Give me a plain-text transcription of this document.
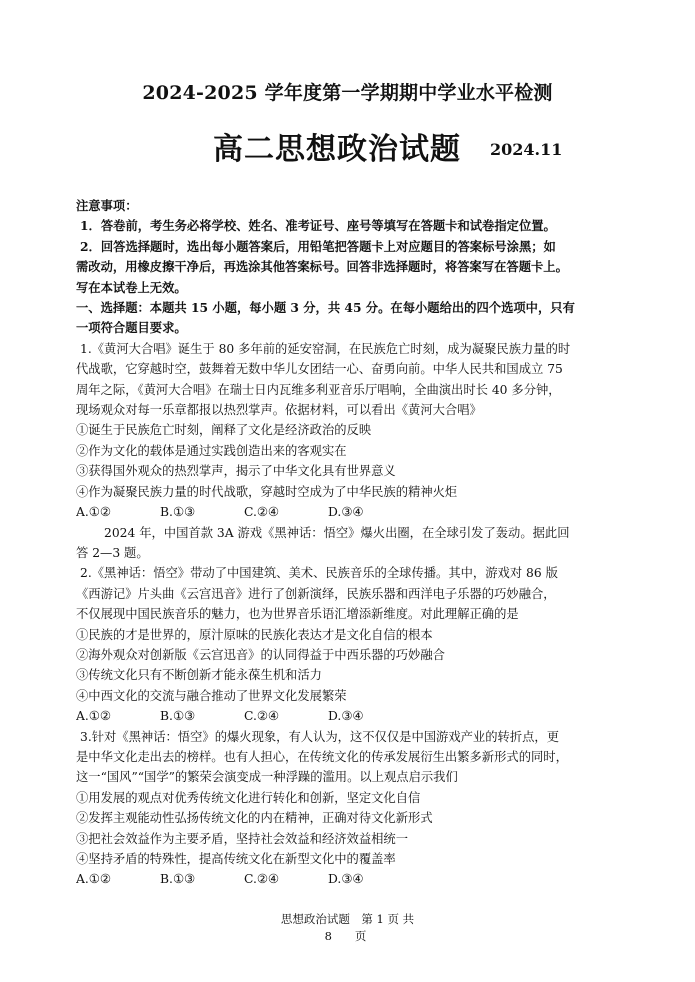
2024-2025 学年度第一学期期中学业水平检测
高二思想政治试题 2024.11

注意事项：

1．答卷前，考生务必将学校、姓名、准考证号、座号等填写在答题卡和试卷指定位置。

2．回答选择题时，选出每小题答案后，用铅笔把答题卡上对应题目的答案标号涂黑；如

需改动，用橡皮擦干净后，再选涂其他答案标号。回答非选择题时，将答案写在答题卡上。

写在本试卷上无效。

一、选择题：本题共 15 小题，每小题 3 分，共 45 分。在每小题给出的四个选项中，只有

一项符合题目要求。

1.《黄河大合唱》诞生于 80 多年前的延安窑洞，在民族危亡时刻，成为凝聚民族力量的时

代战歌，它穿越时空，鼓舞着无数中华儿女团结一心、奋勇向前。中华人民共和国成立 75

周年之际，《黄河大合唱》在瑞士日内瓦维多利亚音乐厅唱响，全曲演出时长 40 多分钟，

现场观众对每一乐章都报以热烈掌声。依据材料，可以看出《黄河大合唱》

①诞生于民族危亡时刻，阐释了文化是经济政治的反映

②作为文化的载体是通过实践创造出来的客观实在

③获得国外观众的热烈掌声，揭示了中华文化具有世界意义

④作为凝聚民族力量的时代战歌，穿越时空成为了中华民族的精神火炬

A.①②	B.①③	C.②④	D.③④

2024 年，中国首款 3A 游戏《黑神话：悟空》爆火出圈，在全球引发了轰动。据此回

答 2—3 题。

2.《黑神话：悟空》带动了中国建筑、美术、民族音乐的全球传播。其中，游戏对 86 版

《西游记》片头曲《云宫迅音》进行了创新演绎，民族乐器和西洋电子乐器的巧妙融合，

不仅展现中国民族音乐的魅力，也为世界音乐语汇增添新维度。对此理解正确的是

①民族的才是世界的，原汁原味的民族化表达才是文化自信的根本

②海外观众对创新版《云宫迅音》的认同得益于中西乐器的巧妙融合

③传统文化只有不断创新才能永葆生机和活力

④中西文化的交流与融合推动了世界文化发展繁荣

A.①②	B.①③	C.②④	D.③④

3.针对《黑神话：悟空》的爆火现象，有人认为，这不仅仅是中国游戏产业的转折点，更

是中华文化走出去的榜样。也有人担心，在传统文化的传承发展衍生出繁多新形式的同时，

这一“国风”“国学”的繁荣会演变成一种浮躁的滥用。以上观点启示我们

①用发展的观点对优秀传统文化进行转化和创新，坚定文化自信

②发挥主观能动性弘扬传统文化的内在精神，正确对待文化新形式

③把社会效益作为主要矛盾，坚持社会效益和经济效益相统一

④坚持矛盾的特殊性，提高传统文化在新型文化中的覆盖率

A.①②	B.①③	C.②④	D.③④

思想政治试题　第 1 页 共
8　　页
